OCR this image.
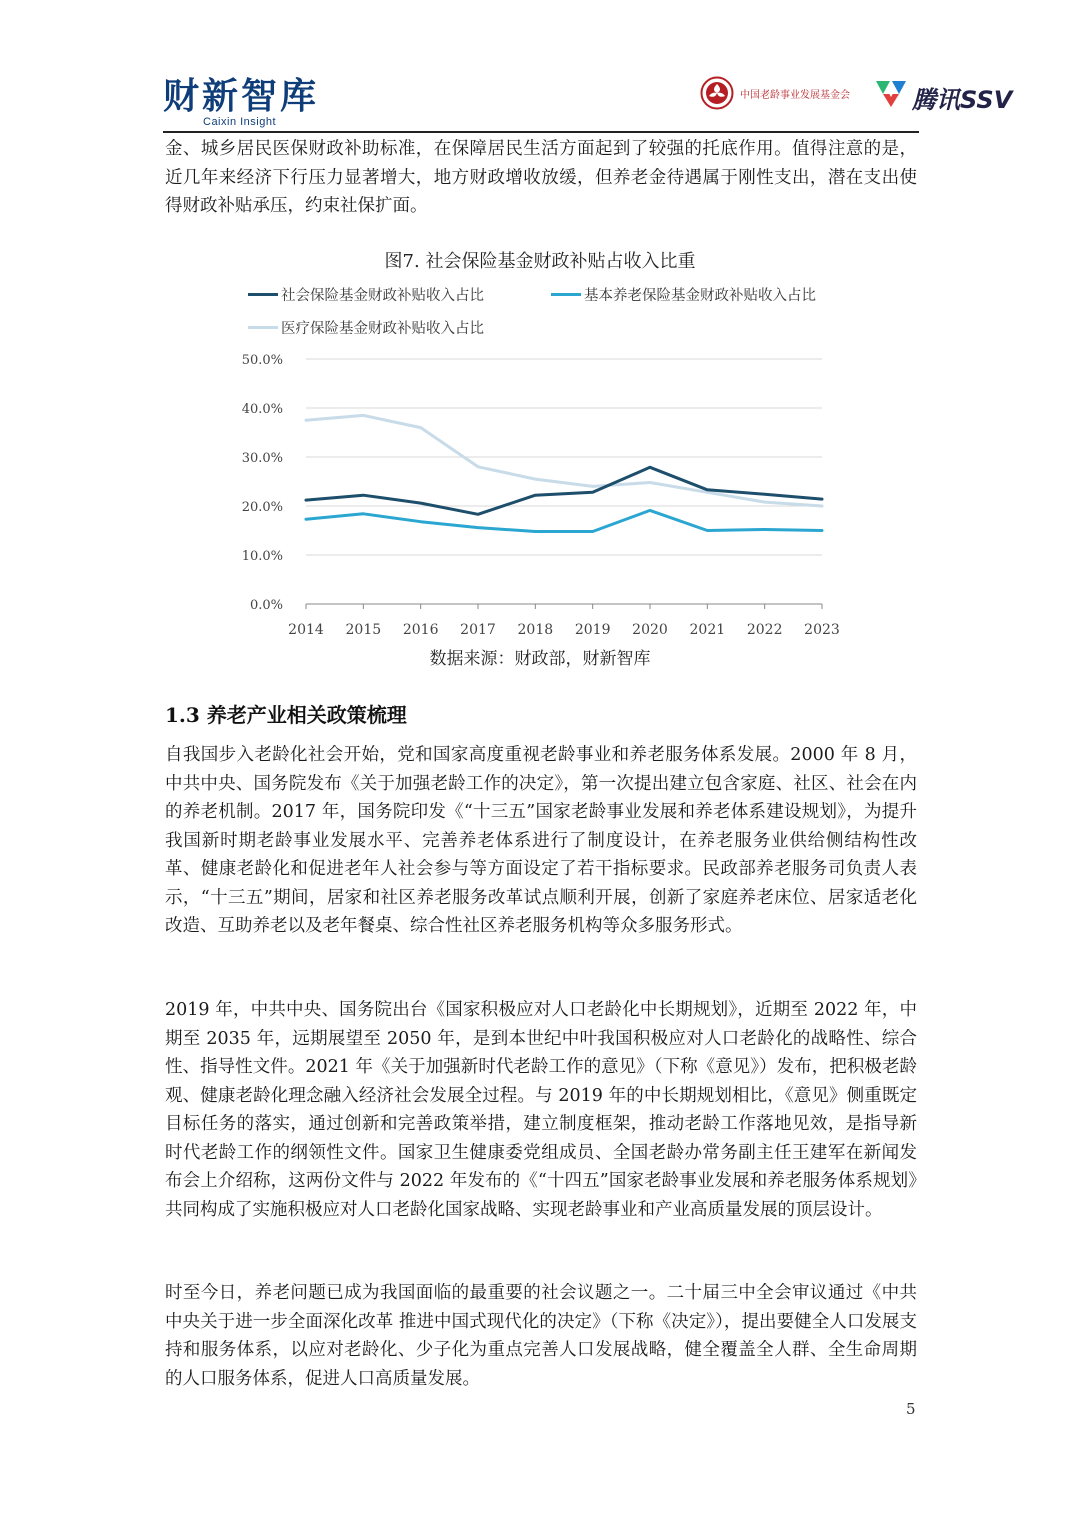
财新智库
Caixin Insight
中国老龄事业发展基金会	腾讯SSV

金、城乡居民医保财政补助标准，在保障居民生活方面起到了较强的托底作用。值得注意的是，近几年来经济下行压力显著增大，地方财政增收放缓，但养老金待遇属于刚性支出，潜在支出使得财政补贴承压，约束社保扩面。

图7. 社会保险基金财政补贴占收入比重
社会保险基金财政补贴收入占比	基本养老保险基金财政补贴收入占比
医疗保险基金财政补贴收入占比
0.0%
10.0%
20.0%
30.0%
40.0%
50.0%
2014 2015 2016 2017 2018 2019 2020 2021 2022 2023
数据来源：财政部，财新智库
1.3 养老产业相关政策梳理

自我国步入老龄化社会开始，党和国家高度重视老龄事业和养老服务体系发展。2000 年 8 月，中共中央、国务院发布《关于加强老龄工作的决定》，第一次提出建立包含家庭、社区、社会在内的养老机制。2017 年，国务院印发《“十三五”国家老龄事业发展和养老体系建设规划》，为提升我国新时期老龄事业发展水平、完善养老体系进行了制度设计，在养老服务业供给侧结构性改革、健康老龄化和促进老年人社会参与等方面设定了若干指标要求。民政部养老服务司负责人表示，“十三五”期间，居家和社区养老服务改革试点顺利开展，创新了家庭养老床位、居家适老化改造、互助养老以及老年餐桌、综合性社区养老服务机构等众多服务形式。

2019 年，中共中央、国务院出台《国家积极应对人口老龄化中长期规划》，近期至 2022 年，中期至 2035 年，远期展望至 2050 年，是到本世纪中叶我国积极应对人口老龄化的战略性、综合性、指导性文件。2021 年《关于加强新时代老龄工作的意见》（下称《意见》）发布，把积极老龄观、健康老龄化理念融入经济社会发展全过程。与 2019 年的中长期规划相比，《意见》侧重既定目标任务的落实，通过创新和完善政策举措，建立制度框架，推动老龄工作落地见效，是指导新时代老龄工作的纲领性文件。国家卫生健康委党组成员、全国老龄办常务副主任王建军在新闻发布会上介绍称，这两份文件与 2022 年发布的《“十四五”国家老龄事业发展和养老服务体系规划》共同构成了实施积极应对人口老龄化国家战略、实现老龄事业和产业高质量发展的顶层设计。

时至今日，养老问题已成为我国面临的最重要的社会议题之一。二十届三中全会审议通过《中共中央关于进一步全面深化改革 推进中国式现代化的决定》（下称《决定》），提出要健全人口发展支持和服务体系，以应对老龄化、少子化为重点完善人口发展战略，健全覆盖全人群、全生命周期的人口服务体系，促进人口高质量发展。

5
